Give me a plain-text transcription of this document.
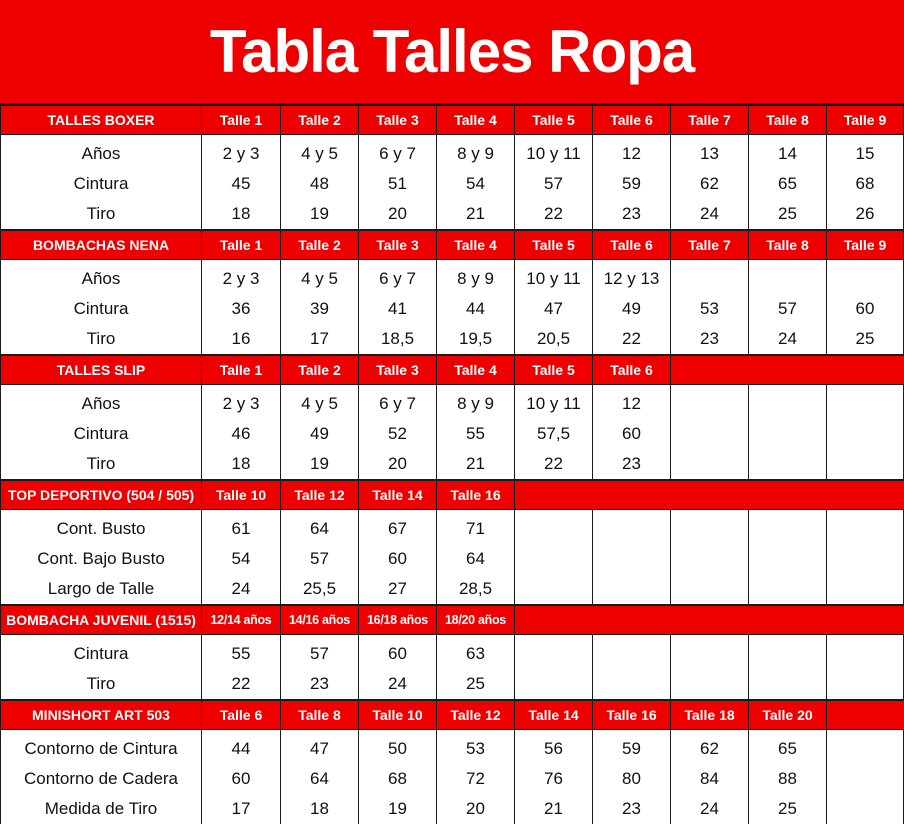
Tabla Talles Ropa
TALLES BOXER	Talle 1	Talle 2	Talle 3	Talle 4	Talle 5	Talle 6	Talle 7	Talle 8	Talle 9
Años	2 y 3	4 y 5	6 y 7	8 y 9	10 y 11	12	13	14	15
Cintura	45	48	51	54	57	59	62	65	68
Tiro	18	19	20	21	22	23	24	25	26
BOMBACHAS NENA	Talle 1	Talle 2	Talle 3	Talle 4	Talle 5	Talle 6	Talle 7	Talle 8	Talle 9
Años	2 y 3	4 y 5	6 y 7	8 y 9	10 y 11	12 y 13			
Cintura	36	39	41	44	47	49	53	57	60
Tiro	16	17	18,5	19,5	20,5	22	23	24	25
TALLES SLIP	Talle 1	Talle 2	Talle 3	Talle 4	Talle 5	Talle 6			
Años	2 y 3	4 y 5	6 y 7	8 y 9	10 y 11	12			
Cintura	46	49	52	55	57,5	60			
Tiro	18	19	20	21	22	23			
TOP DEPORTIVO (504 / 505)	Talle 10	Talle 12	Talle 14	Talle 16					
Cont. Busto	61	64	67	71					
Cont. Bajo Busto	54	57	60	64					
Largo de Talle	24	25,5	27	28,5					
BOMBACHA JUVENIL (1515)	12/14 años	14/16 años	16/18 años	18/20 años					
Cintura	55	57	60	63					
Tiro	22	23	24	25					
MINISHORT ART 503	Talle 6	Talle 8	Talle 10	Talle 12	Talle 14	Talle 16	Talle 18	Talle 20	
Contorno de Cintura	44	47	50	53	56	59	62	65	
Contorno de Cadera	60	64	68	72	76	80	84	88	
Medida de Tiro	17	18	19	20	21	23	24	25	
